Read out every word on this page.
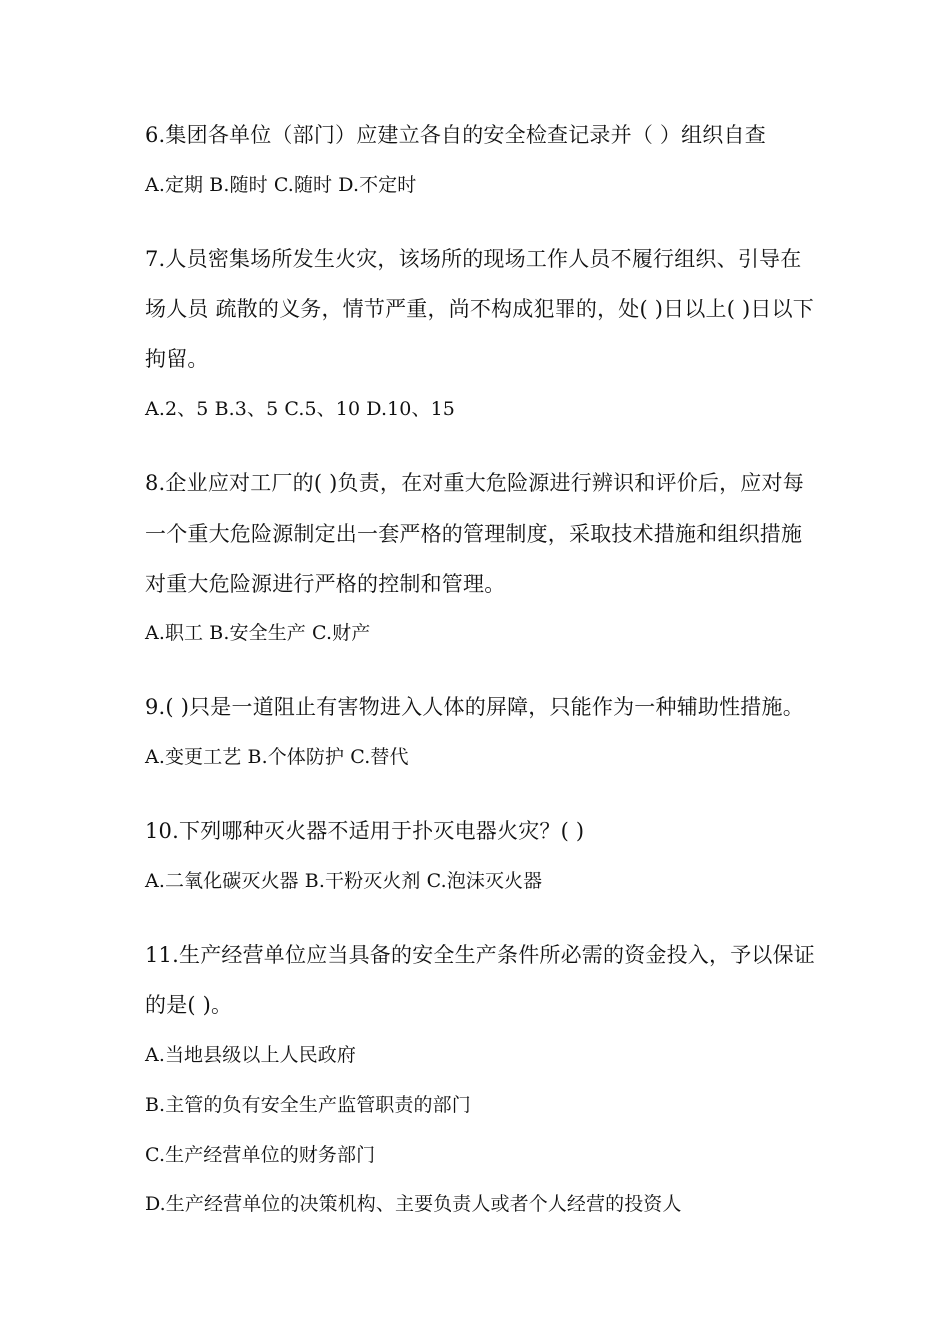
6.集团各单位（部门）应建立各自的安全检查记录并（ ）组织自查
A.定期 B.随时 C.随时 D.不定时
7.人员密集场所发生火灾，该场所的现场工作人员不履行组织、引导在
场人员 疏散的义务，情节严重，尚不构成犯罪的，处( )日以上( )日以下
拘留。
A.2、5 B.3、5 C.5、10 D.10、15
8.企业应对工厂的( )负责，在对重大危险源进行辨识和评价后，应对每
一个重大危险源制定出一套严格的管理制度，采取技术措施和组织措施
对重大危险源进行严格的控制和管理。
A.职工 B.安全生产 C.财产
9.( )只是一道阻止有害物进入人体的屏障，只能作为一种辅助性措施。
A.变更工艺 B.个体防护 C.替代
10.下列哪种灭火器不适用于扑灭电器火灾？( )
A.二氧化碳灭火器 B.干粉灭火剂 C.泡沫灭火器
11.生产经营单位应当具备的安全生产条件所必需的资金投入，予以保证
的是( )。
A.当地县级以上人民政府
B.主管的负有安全生产监管职责的部门
C.生产经营单位的财务部门
D.生产经营单位的决策机构、主要负责人或者个人经营的投资人
